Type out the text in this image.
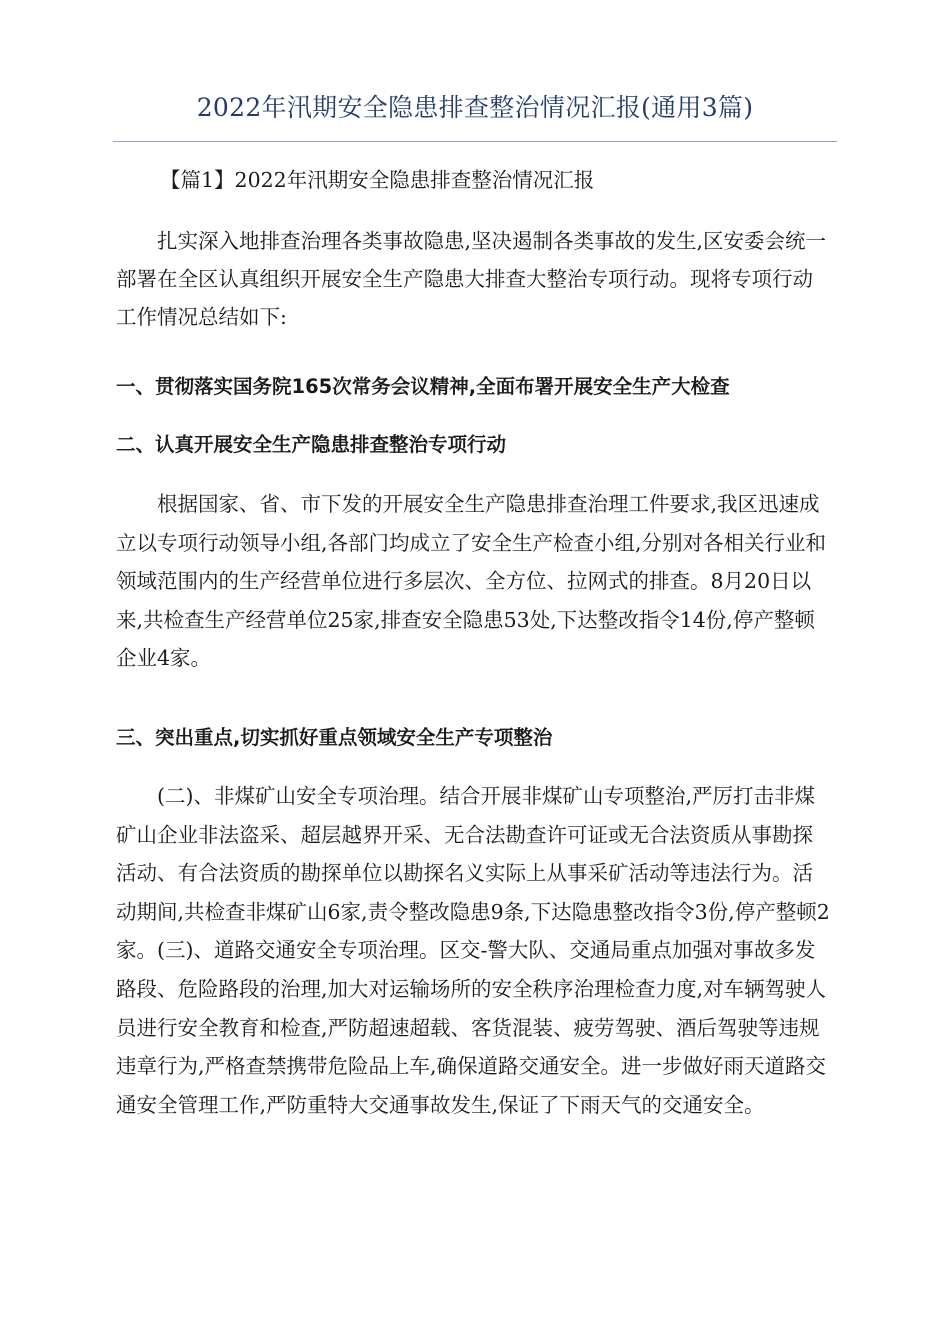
2022年汛期安全隐患排查整治情况汇报(通用3篇)

【篇1】2022年汛期安全隐患排查整治情况汇报

扎实深入地排查治理各类事故隐患,坚决遏制各类事故的发生,区安委会统一部署在全区认真组织开展安全生产隐患大排查大整治专项行动。现将专项行动工作情况总结如下:

一、贯彻落实国务院165次常务会议精神,全面布署开展安全生产大检查

二、认真开展安全生产隐患排查整治专项行动

根据国家、省、市下发的开展安全生产隐患排查治理工件要求,我区迅速成立以专项行动领导小组,各部门均成立了安全生产检查小组,分别对各相关行业和领域范围内的生产经营单位进行多层次、全方位、拉网式的排查。8月20日以来,共检查生产经营单位25家,排查安全隐患53处,下达整改指令14份,停产整顿企业4家。

三、突出重点,切实抓好重点领域安全生产专项整治

(二)、非煤矿山安全专项治理。结合开展非煤矿山专项整治,严厉打击非煤矿山企业非法盗采、超层越界开采、无合法勘查许可证或无合法资质从事勘探活动、有合法资质的勘探单位以勘探名义实际上从事采矿活动等违法行为。活动期间,共检查非煤矿山6家,责令整改隐患9条,下达隐患整改指令3份,停产整顿2家。(三)、道路交通安全专项治理。区交-警大队、交通局重点加强对事故多发路段、危险路段的治理,加大对运输场所的安全秩序治理检查力度,对车辆驾驶人员进行安全教育和检查,严防超速超载、客货混装、疲劳驾驶、酒后驾驶等违规违章行为,严格查禁携带危险品上车,确保道路交通安全。进一步做好雨天道路交通安全管理工作,严防重特大交通事故发生,保证了下雨天气的交通安全。
